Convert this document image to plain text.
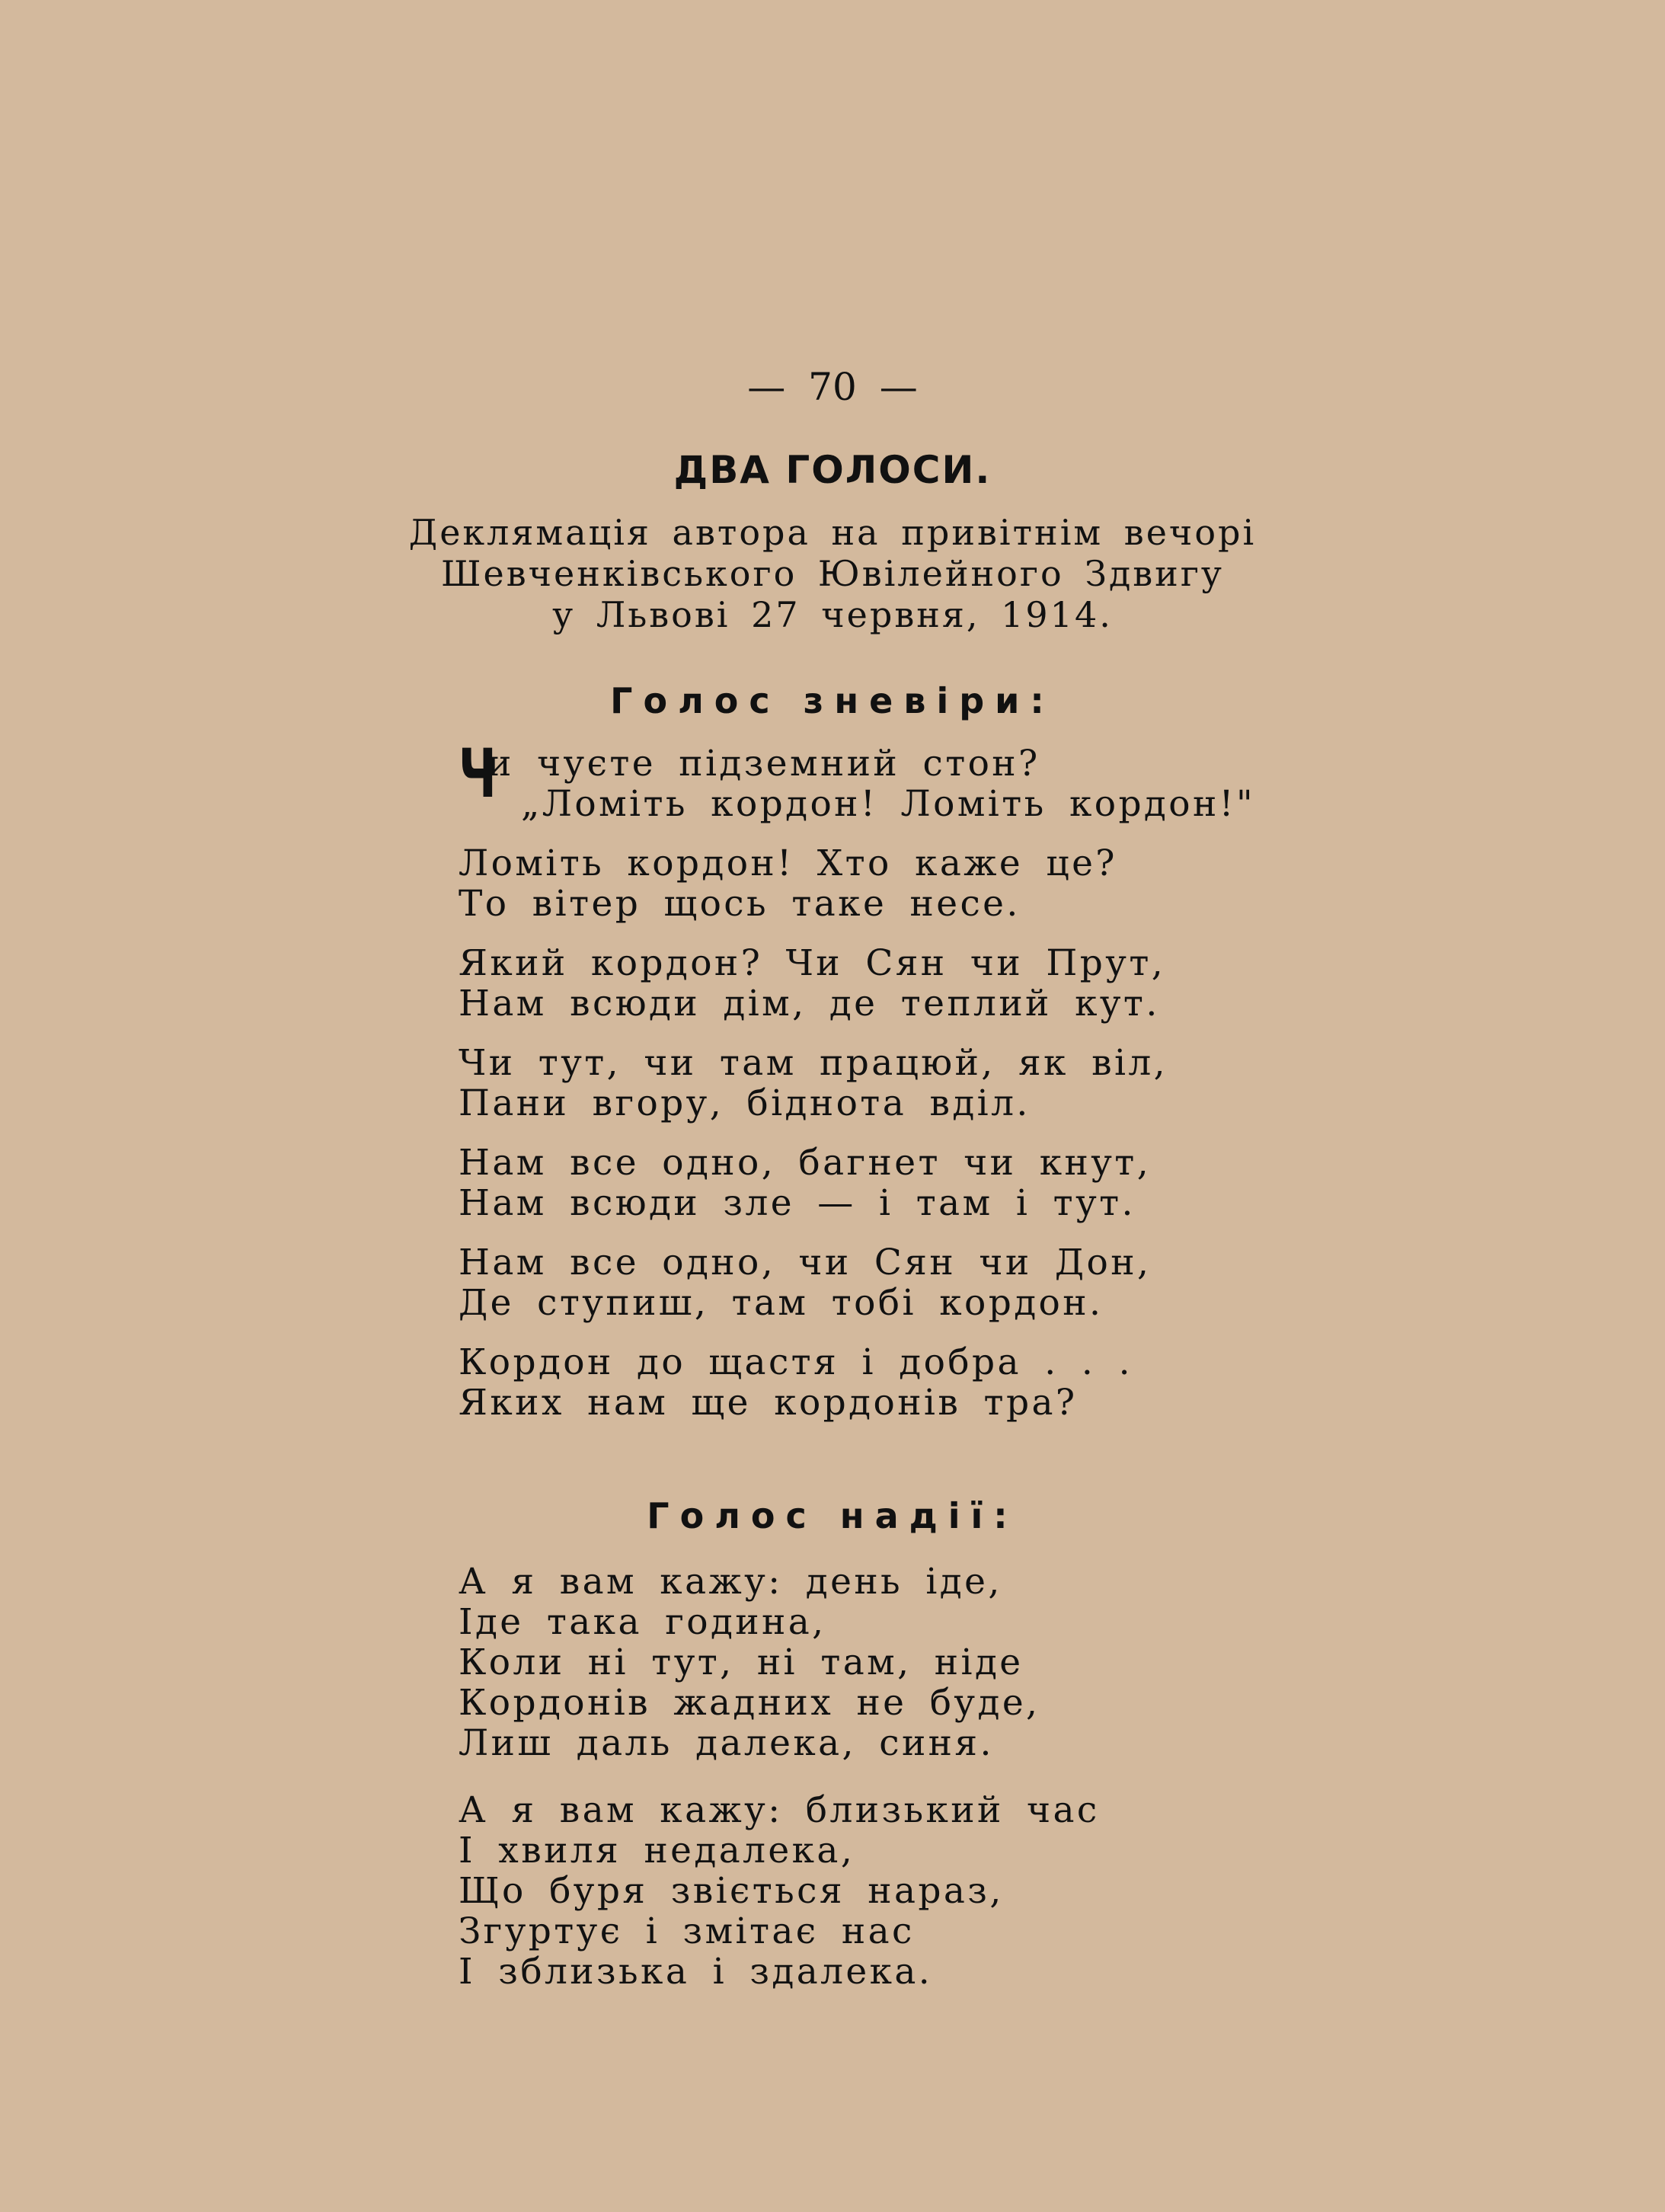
— 70 —
ДВА ГОЛОСИ.
Деклямація автора на привітнім вечорі
Шевченківського Ювілейного Здвигу
у Львові 27 червня, 1914.
Голос зневіри:
Ч
и чуєте підземний стон?
„Ломіть кордон! Ломіть кордон!"
Ломіть кордон! Хто каже це?
То вітер щось таке несе.
Який кордон? Чи Сян чи Прут,
Нам всюди дім, де теплий кут.
Чи тут, чи там працюй, як віл,
Пани вгору, біднота вділ.
Нам все одно, багнет чи кнут,
Нам всюди зле — і там і тут.
Нам все одно, чи Сян чи Дон,
Де ступиш, там тобі кордон.
Кордон до щастя і добра . . .
Яких нам ще кордонів тра?
Голос надії:
А я вам кажу: день іде,
Іде така година,
Коли ні тут, ні там, ніде
Кордонів жадних не буде,
Лиш даль далека, синя.
А я вам кажу: близький час
І хвиля недалека,
Що буря звіється нараз,
Згуртує і змітає нас
І зблизька і здалека.
